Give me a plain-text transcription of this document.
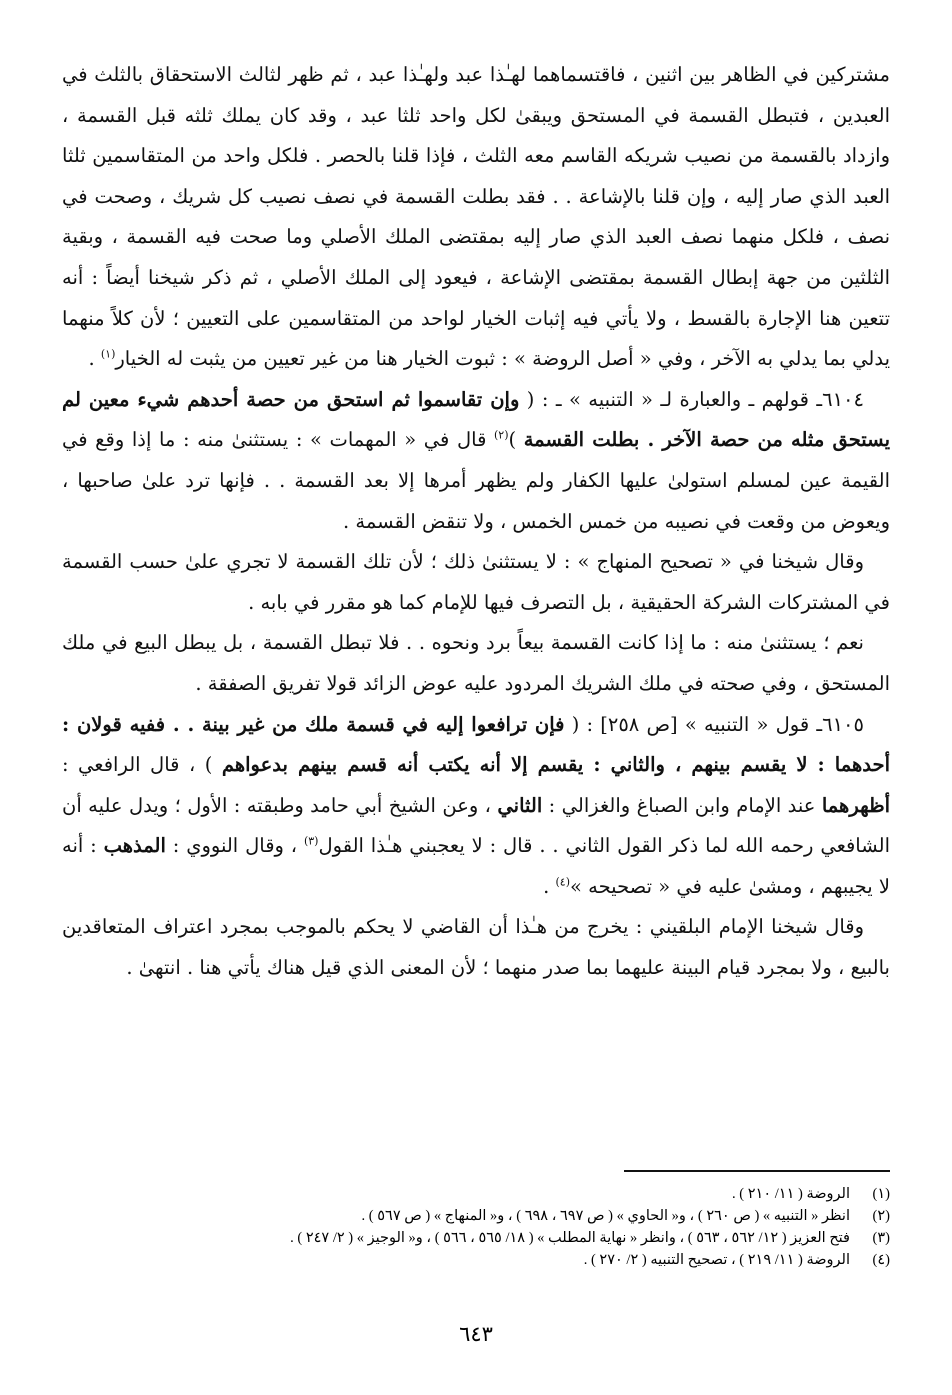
مشتركين في الظاهر بين اثنين ، فاقتسماهما لهـٰذا عبد ولهـٰذا عبد ، ثم ظهر لثالث الاستحقاق بالثلث في العبدين ، فتبطل القسمة في المستحق ويبقىٰ لكل واحد ثلثا عبد ، وقد كان يملك ثلثه قبل القسمة ، وازداد بالقسمة من نصيب شريكه القاسم معه الثلث ، فإذا قلنا بالحصر . فلكل واحد من المتقاسمين ثلثا العبد الذي صار إليه ، وإن قلنا بالإشاعة . . فقد بطلت القسمة في نصف نصيب كل شريك ، وصحت في نصف ، فلكل منهما نصف العبد الذي صار إليه بمقتضى الملك الأصلي وما صحت فيه القسمة ، وبقية الثلثين من جهة إبطال القسمة بمقتضى الإشاعة ، فيعود إلى الملك الأصلي ، ثم ذكر شيخنا أيضاً : أنه تتعين هنا الإجارة بالقسط ، ولا يأتي فيه إثبات الخيار لواحد من المتقاسمين على التعيين ؛ لأن كلاً منهما يدلي بما يدلي به الآخر ، وفي « أصل الروضة » : ثبوت الخيار هنا من غير تعيين من يثبت له الخيار$^{(١)}$ .

٦١٠٤ـ قولهم ـ والعبارة لـ « التنبيه » ـ : ( وإن تقاسموا ثم استحق من حصة أحدهم شيء معين لم يستحق مثله من حصة الآخر . بطلت القسمة )$^{(٢)}$ قال في « المهمات » : يستثنىٰ منه : ما إذا وقع في القيمة عين لمسلم استولىٰ عليها الكفار ولم يظهر أمرها إلا بعد القسمة . . فإنها ترد علىٰ صاحبها ، ويعوض من وقعت في نصيبه من خمس الخمس ، ولا تنقض القسمة .

وقال شيخنا في « تصحيح المنهاج » : لا يستثنىٰ ذلك ؛ لأن تلك القسمة لا تجري علىٰ حسب القسمة في المشتركات الشركة الحقيقية ، بل التصرف فيها للإمام كما هو مقرر في بابه .

نعم ؛ يستثنىٰ منه : ما إذا كانت القسمة بيعاً برد ونحوه . . فلا تبطل القسمة ، بل يبطل البيع في ملك المستحق ، وفي صحته في ملك الشريك المردود عليه عوض الزائد قولا تفريق الصفقة .

٦١٠٥ـ قول « التنبيه » [ص ٢٥٨] : ( فإن ترافعوا إليه في قسمة ملك من غير بينة . . ففيه قولان : أحدهما : لا يقسم بينهم ، والثاني : يقسم إلا أنه يكتب أنه قسم بينهم بدعواهم ) ، قال الرافعي : أظهرهما عند الإمام وابن الصباغ والغزالي : الثاني ، وعن الشيخ أبي حامد وطبقته : الأول ؛ ويدل عليه أن الشافعي رحمه الله لما ذكر القول الثاني . . قال : لا يعجبني هـٰذا القول$^{(٣)}$ ، وقال النووي : المذهب : أنه لا يجيبهم ، ومشىٰ عليه في « تصحيحه »$^{(٤)}$ .

وقال شيخنا الإمام البلقيني : يخرج من هـٰذا أن القاضي لا يحكم بالموجب بمجرد اعتراف المتعاقدين بالبيع ، ولا بمجرد قيام البينة عليهما بما صدر منهما ؛ لأن المعنى الذي قيل هناك يأتي هنا . انتهىٰ .

(١)
الروضة ( ١١/ ٢١٠ ) .
(٢)
انظر « التنبيه » ( ص ٢٦٠ ) ، و« الحاوي » ( ص ٦٩٧ ، ٦٩٨ ) ، و« المنهاج » ( ص ٥٦٧ ) .
(٣)
فتح العزيز ( ١٢/ ٥٦٢ ، ٥٦٣ ) ، وانظر « نهاية المطلب » ( ١٨/ ٥٦٥ ، ٥٦٦ ) ، و« الوجيز » ( ٢/ ٢٤٧ ) .
(٤)
الروضة ( ١١/ ٢١٩ ) ، تصحيح التنبيه ( ٢/ ٢٧٠ ) .
٦٤٣
